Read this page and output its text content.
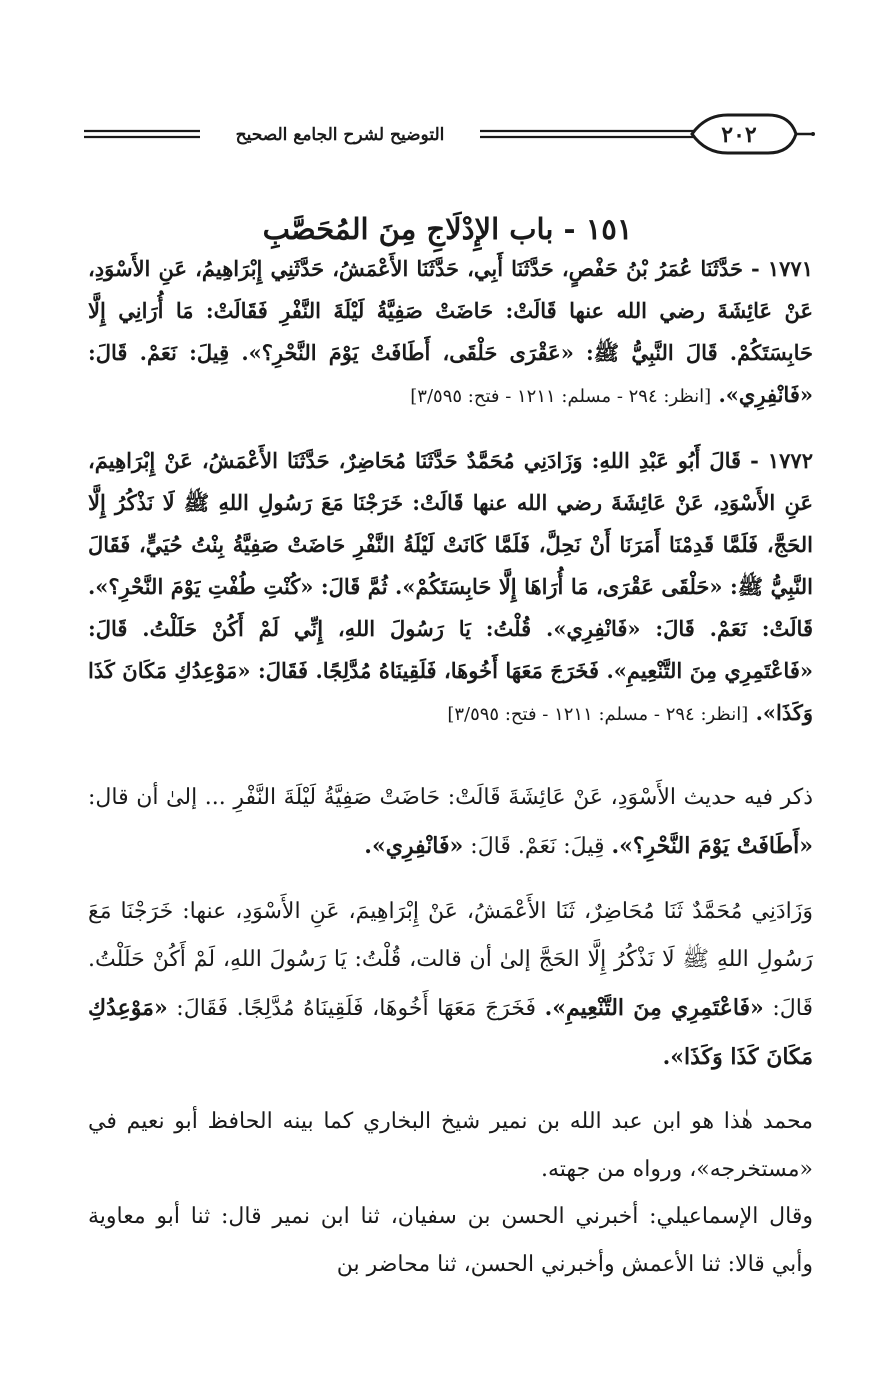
٢٠٢
التوضيح لشرح الجامع الصحيح
١٥١ - باب الإِدْلَاجِ مِنَ المُحَصَّبِ

١٧٧١ - حَدَّثَنَا عُمَرُ بْنُ حَفْصٍ، حَدَّثَنَا أَبِي، حَدَّثَنَا الأَعْمَشُ، حَدَّثَنِي إِبْرَاهِيمُ، عَنِ الأَسْوَدِ، عَنْ عَائِشَةَ رضي الله عنها قَالَتْ: حَاضَتْ صَفِيَّةُ لَيْلَةَ النَّفْرِ فَقَالَتْ: مَا أُرَانِي إِلَّا حَابِسَتَكُمْ. قَالَ النَّبِيُّ ﷺ: «عَقْرَى حَلْقَى، أَطَافَتْ يَوْمَ النَّحْرِ؟». قِيلَ: نَعَمْ. قَالَ: «فَانْفِرِي». [انظر: ٢٩٤ - مسلم: ١٢١١ - فتح: ٣/٥٩٥]

١٧٧٢ - قَالَ أَبُو عَبْدِ اللهِ: وَزَادَنِي مُحَمَّدٌ حَدَّثَنَا مُحَاضِرٌ، حَدَّثَنَا الأَعْمَشُ، عَنْ إِبْرَاهِيمَ، عَنِ الأَسْوَدِ، عَنْ عَائِشَةَ رضي الله عنها قَالَتْ: خَرَجْنَا مَعَ رَسُولِ اللهِ ﷺ لَا نَذْكُرُ إِلَّا الحَجَّ، فَلَمَّا قَدِمْنَا أَمَرَنَا أَنْ نَحِلَّ، فَلَمَّا كَانَتْ لَيْلَةُ النَّفْرِ حَاضَتْ صَفِيَّةُ بِنْتُ حُيَيٍّ، فَقَالَ النَّبِيُّ ﷺ: «حَلْقَى عَقْرَى، مَا أُرَاهَا إِلَّا حَابِسَتَكُمْ». ثُمَّ قَالَ: «كُنْتِ طُفْتِ يَوْمَ النَّحْرِ؟». قَالَتْ: نَعَمْ. قَالَ: «فَانْفِرِي». قُلْتُ: يَا رَسُولَ اللهِ، إِنِّي لَمْ أَكُنْ حَلَلْتُ. قَالَ: «فَاعْتَمِرِي مِنَ التَّنْعِيمِ». فَخَرَجَ مَعَهَا أَخُوهَا، فَلَقِينَاهُ مُدَّلِجًا. فَقَالَ: «مَوْعِدُكِ مَكَانَ كَذَا وَكَذَا». [انظر: ٢٩٤ - مسلم: ١٢١١ - فتح: ٣/٥٩٥]

ذكر فيه حديث الأَسْوَدِ، عَنْ عَائِشَةَ قَالَتْ: حَاضَتْ صَفِيَّةُ لَيْلَةَ النَّفْرِ ... إلىٰ أن قال: «أَطَافَتْ يَوْمَ النَّحْرِ؟». قِيلَ: نَعَمْ. قَالَ: «فَانْفِرِي».

وَزَادَنِي مُحَمَّدٌ ثَنَا مُحَاضِرٌ، ثَنَا الأَعْمَشُ، عَنْ إِبْرَاهِيمَ، عَنِ الأَسْوَدِ، عنها: خَرَجْنَا مَعَ رَسُولِ اللهِ ﷺ لَا نَذْكُرُ إِلَّا الحَجَّ إلىٰ أن قالت، قُلْتُ: يَا رَسُولَ اللهِ، لَمْ أَكُنْ حَلَلْتُ. قَالَ: «فَاعْتَمِرِي مِنَ التَّنْعِيمِ». فَخَرَجَ مَعَهَا أَخُوهَا، فَلَقِينَاهُ مُدَّلِجًا. فَقَالَ: «مَوْعِدُكِ مَكَانَ كَذَا وَكَذَا».

محمد هٰذا هو ابن عبد الله بن نمير شيخ البخاري كما بينه الحافظ أبو نعيم في «مستخرجه»، ورواه من جهته.

وقال الإسماعيلي: أخبرني الحسن بن سفيان، ثنا ابن نمير قال: ثنا أبو معاوية وأبي قالا: ثنا الأعمش وأخبرني الحسن، ثنا محاضر بن
